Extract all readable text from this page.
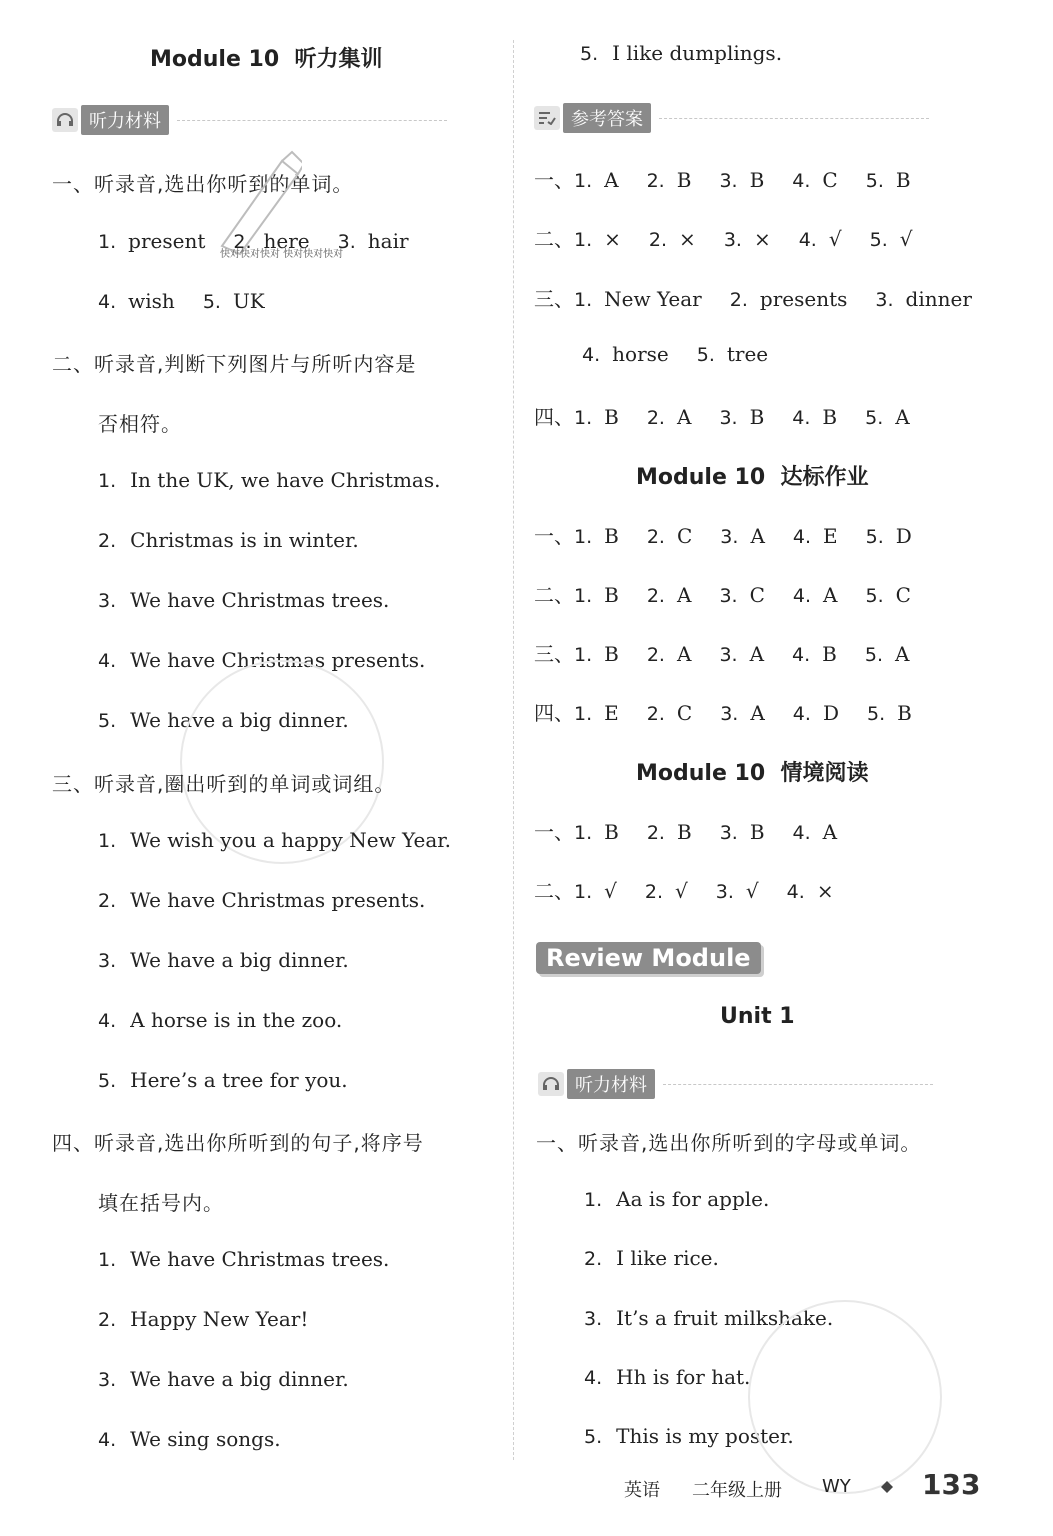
Module 10  听力集训
听力材料
一、听录音,选出你听到的单词。
1. present 2. here 3. hair
4. wish 5. UK
快对快对快对 快对快对快对
二、听录音,判断下列图片与所听内容是
否相符。
1. In the UK, we have Christmas.
2. Christmas is in winter.
3. We have Christmas trees.
4. We have Christmas presents.
5. We have a big dinner.
三、听录音,圈出听到的单词或词组。
1. We wish you a happy New Year.
2. We have Christmas presents.
3. We have a big dinner.
4. A horse is in the zoo.
5. Here’s a tree for you.
四、听录音,选出你所听到的句子,将序号
填在括号内。
1. We have Christmas trees.
2. Happy New Year!
3. We have a big dinner.
4. We sing songs.
5. I like dumplings.
参考答案
一、 1. A 2. B 3. B 4. C 5. B
二、 1. × 2. × 3. × 4. √ 5. √
三、 1. New Year 2. presents 3. dinner
4. horse 5. tree
四、 1. B 2. A 3. B 4. B 5. A
Module 10  达标作业
一、 1. B 2. C 3. A 4. E 5. D
二、 1. B 2. A 3. C 4. A 5. C
三、 1. B 2. A 3. A 4. B 5. A
四、 1. E 2. C 3. A 4. D 5. B
Module 10  情境阅读
一、 1. B 2. B 3. B 4. A
二、 1. √ 2. √ 3. √ 4. ×
Review Module
Unit 1
听力材料
一、听录音,选出你所听到的字母或单词。
1. Aa is for apple.
2. I like rice.
3. It’s a fruit milkshake.
4. Hh is for hat.
5. This is my poster.
英语 二年级上册 WY	133
